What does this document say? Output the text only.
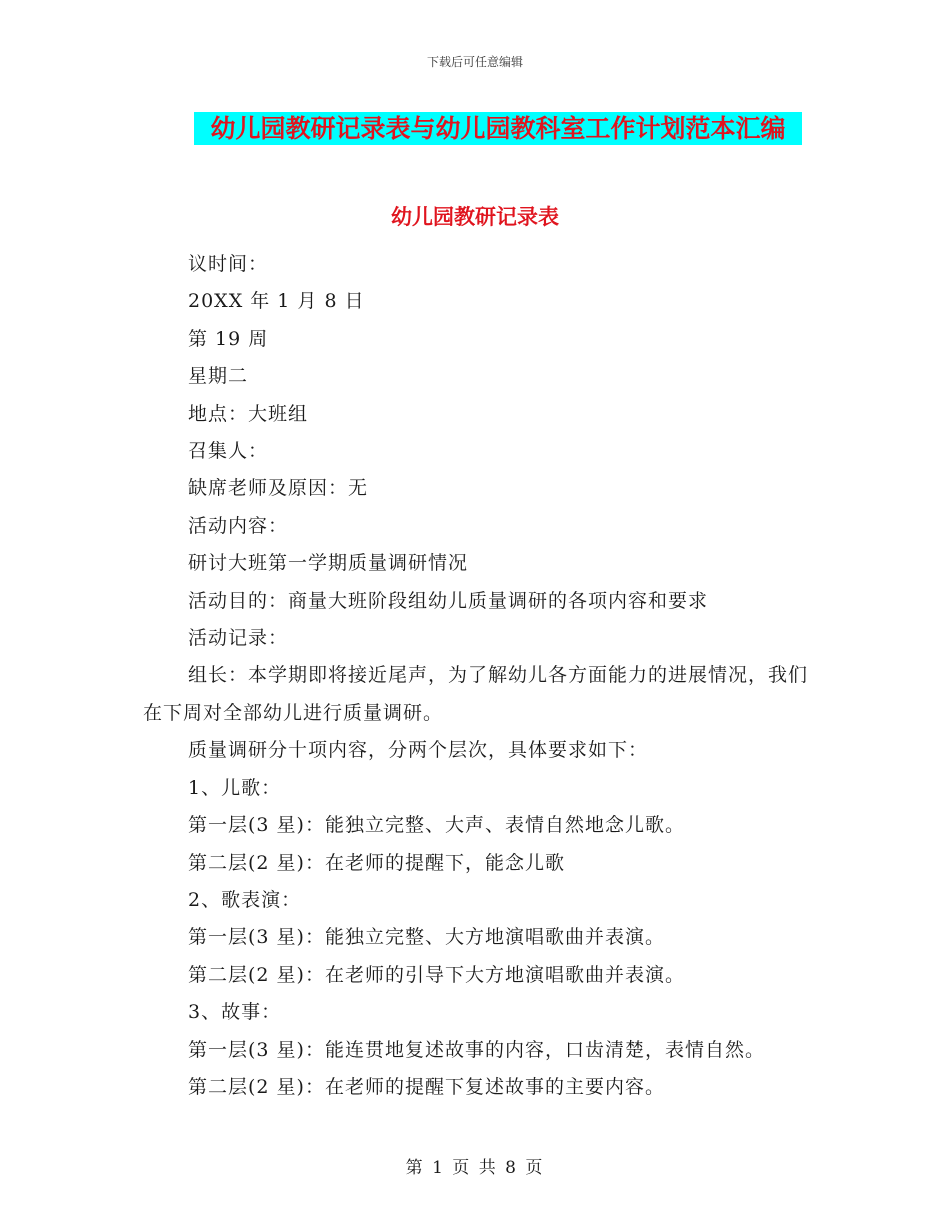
下载后可任意编辑
幼儿园教研记录表与幼儿园教科室工作计划范本汇编
幼儿园教研记录表

议时间：

20XX 年 1 月 8 日

第 19 周

星期二

地点：大班组

召集人：

缺席老师及原因：无

活动内容：

研讨大班第一学期质量调研情况

活动目的：商量大班阶段组幼儿质量调研的各项内容和要求

活动记录：

组长：本学期即将接近尾声，为了解幼儿各方面能力的进展情况，我们在下周对全部幼儿进行质量调研。

质量调研分十项内容，分两个层次，具体要求如下：

1、儿歌：

第一层(3 星)：能独立完整、大声、表情自然地念儿歌。

第二层(2 星)：在老师的提醒下，能念儿歌

2、歌表演：

第一层(3 星)：能独立完整、大方地演唱歌曲并表演。

第二层(2 星)：在老师的引导下大方地演唱歌曲并表演。

3、故事：

第一层(3 星)：能连贯地复述故事的内容，口齿清楚，表情自然。

第二层(2 星)：在老师的提醒下复述故事的主要内容。

第 1 页 共 8 页
